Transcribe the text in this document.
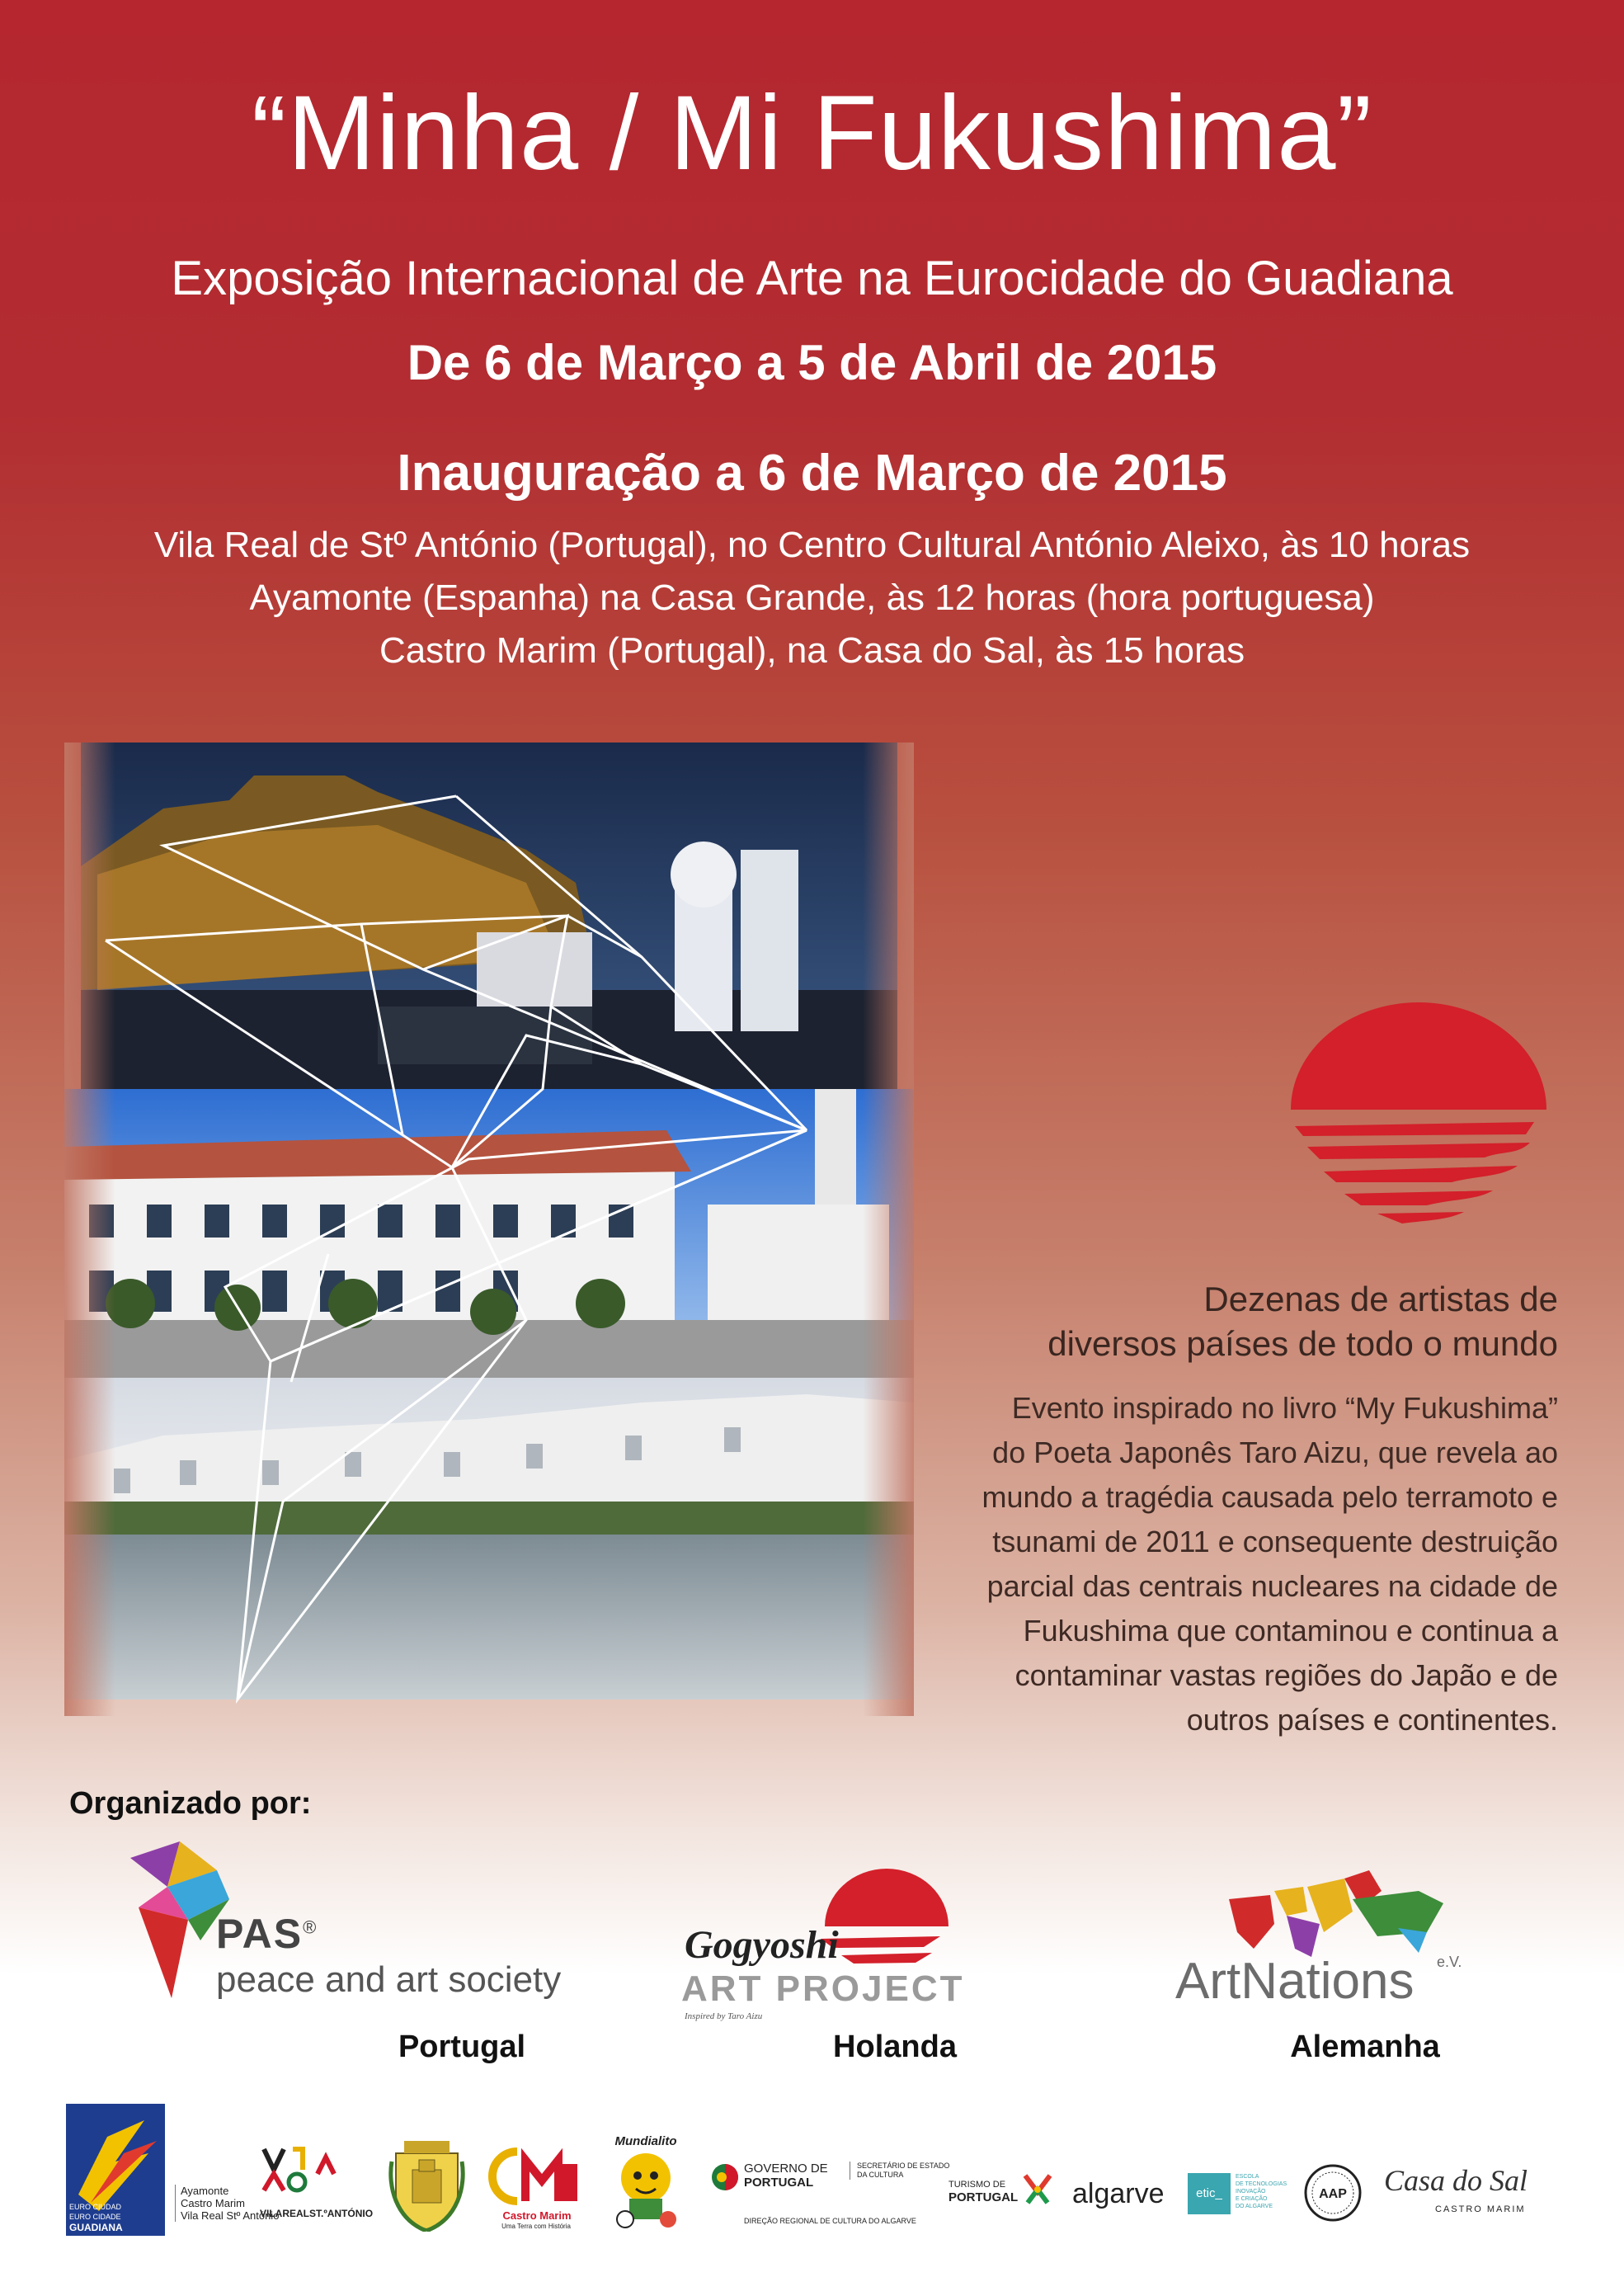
“Minha / Mi Fukushima”

Exposição Internacional de Arte na Eurocidade do Guadiana

De 6 de Março a 5 de Abril de 2015

Inauguração a 6 de Março de 2015

Vila Real de Stº António (Portugal), no Centro Cultural António Aleixo, às 10 horas

Ayamonte (Espanha) na Casa Grande, às 12 horas (hora portuguesa)

Castro Marim (Portugal), na Casa do Sal, às 15 horas

Dezenas de artistas de
diversos países de todo o mundo
Evento inspirado no livro “My Fukushima”
do Poeta Japonês Taro Aizu, que revela ao
mundo a tragédia causada pelo terramoto e
tsunami de 2011 e consequente destruição
parcial das centrais nucleares na cidade de
Fukushima que contaminou e continua a
contaminar vastas regiões do Japão e de
outros países e continentes.

Organizado por:

PAS®
peace and art society
Gogyoshi
ART PROJECT
Inspired by Taro Aizu
ArtNations e.V.
Portugal	Holanda	Alemanha
EURO CIUDAD
EURO CIDADE
GUADIANA
Ayamonte
Castro Marim
Vila Real Stº António
VILAREALST.ºANTÓNIO	Castro Marim
Uma Terra com História
Mundialito
GOVERNO DE
PORTUGAL
SECRETÁRIO DE ESTADO
DA CULTURA
DIREÇÃO REGIONAL DE CULTURA DO ALGARVE
TURISMO DE
PORTUGAL algarve	etic_
ESCOLA
DE TECNOLOGIAS
INOVAÇÃO
E CRIAÇÃO
DO ALGARVE
AAP Casa do Sal
CASTRO MARIM
